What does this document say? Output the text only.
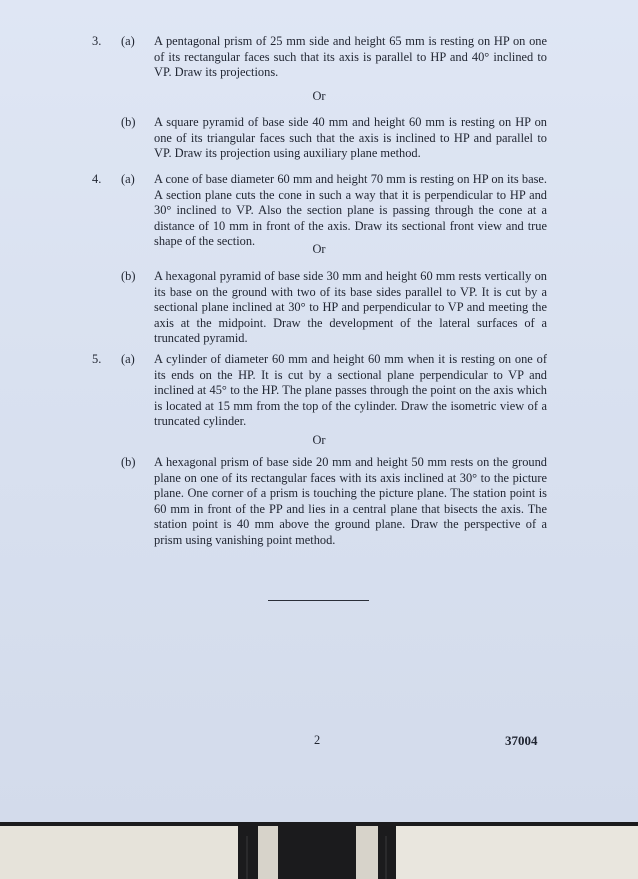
3. (a) A pentagonal prism of 25 mm side and height 65 mm is resting on HP on one of its rectangular faces such that its axis is parallel to HP and 40° inclined to VP. Draw its projections.
Or
(b) A square pyramid of base side 40 mm and height 60 mm is resting on HP on one of its triangular faces such that the axis is inclined to HP and parallel to VP. Draw its projection using auxiliary plane method.
4. (a) A cone of base diameter 60 mm and height 70 mm is resting on HP on its base. A section plane cuts the cone in such a way that it is perpendicular to HP and 30° inclined to VP. Also the section plane is passing through the cone at a distance of 10 mm in front of the axis. Draw its sectional front view and true shape of the section.
Or
(b) A hexagonal pyramid of base side 30 mm and height 60 mm rests vertically on its base on the ground with two of its base sides parallel to VP. It is cut by a sectional plane inclined at 30° to HP and perpendicular to VP and meeting the axis at the midpoint. Draw the development of the lateral surfaces of a truncated pyramid.
5. (a) A cylinder of diameter 60 mm and height 60 mm when it is resting on one of its ends on the HP. It is cut by a sectional plane perpendicular to VP and inclined at 45° to the HP. The plane passes through the point on the axis which is located at 15 mm from the top of the cylinder. Draw the isometric view of a truncated cylinder.
Or
(b) A hexagonal prism of base side 20 mm and height 50 mm rests on the ground plane on one of its rectangular faces with its axis inclined at 30° to the picture plane. One corner of a prism is touching the picture plane. The station point is 60 mm in front of the PP and lies in a central plane that bisects the axis. The station point is 40 mm above the ground plane. Draw the perspective of a prism using vanishing point method.
2	37004
